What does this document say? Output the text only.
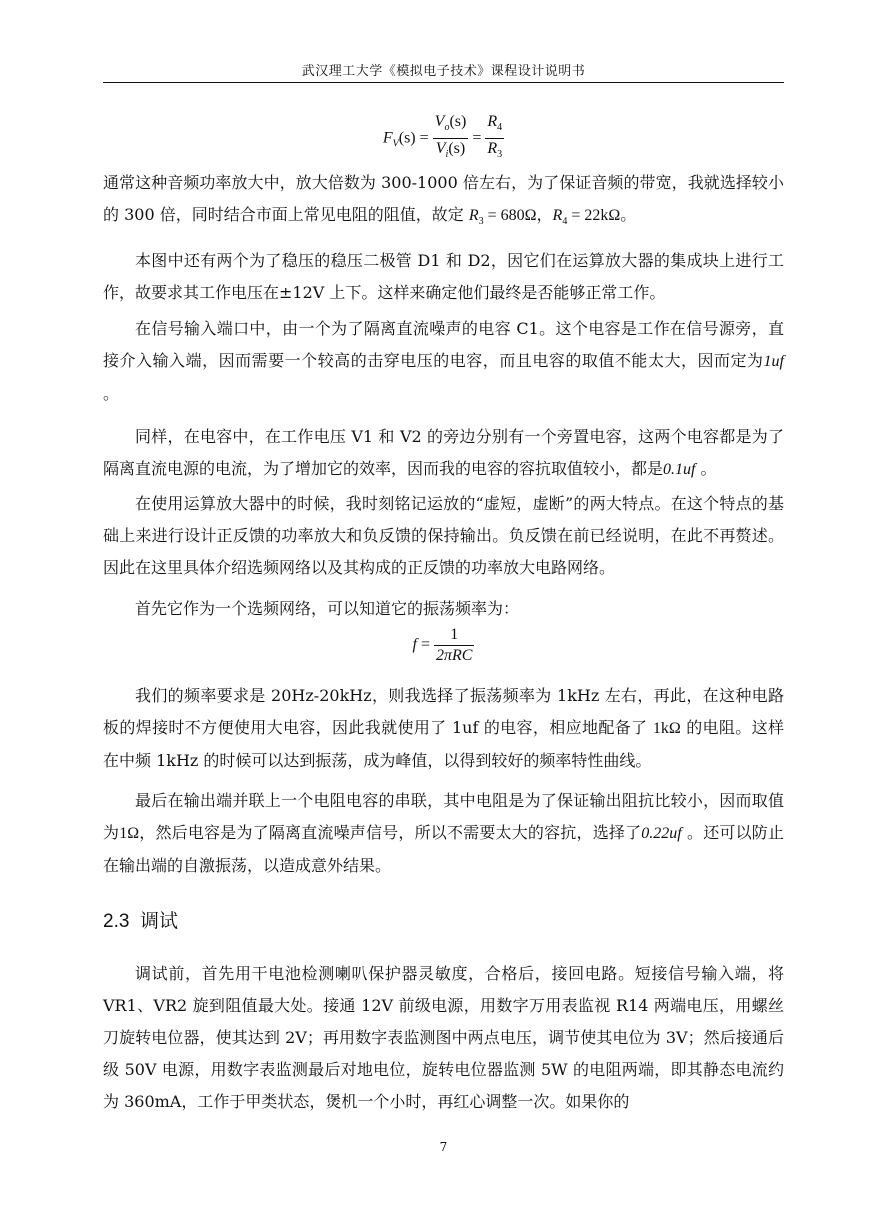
武汉理工大学《模拟电子技术》课程设计说明书
$F_V(s) = \frac{V_o(s)}{V_i(s)} = \frac{R_4}{R_3}$

通常这种音频功率放大中，放大倍数为 300-1000 倍左右，为了保证音频的带宽，我就选择较小的 300 倍，同时结合市面上常见电阻的阻值，故定 $R_3 = 680\Omega$，$R_4 = 22k\Omega$。

本图中还有两个为了稳压的稳压二极管 D1 和 D2，因它们在运算放大器的集成块上进行工作，故要求其工作电压在±12V 上下。这样来确定他们最终是否能够正常工作。

在信号输入端口中，由一个为了隔离直流噪声的电容 C1。这个电容是工作在信号源旁，直接介入输入端，因而需要一个较高的击穿电压的电容，而且电容的取值不能太大，因而定为1uf 。

同样，在电容中，在工作电压 V1 和 V2 的旁边分别有一个旁置电容，这两个电容都是为了隔离直流电源的电流，为了增加它的效率，因而我的电容的容抗取值较小，都是0.1uf 。

在使用运算放大器中的时候，我时刻铭记运放的“虚短，虚断”的两大特点。在这个特点的基础上来进行设计正反馈的功率放大和负反馈的保持输出。负反馈在前已经说明，在此不再赘述。因此在这里具体介绍选频网络以及其构成的正反馈的功率放大电路网络。

首先它作为一个选频网络，可以知道它的振荡频率为：

$f = \frac{1}{\text{2πRC}}$

我们的频率要求是 20Hz-20kHz，则我选择了振荡频率为 1kHz 左右，再此，在这种电路板的焊接时不方便使用大电容，因此我就使用了 1uf 的电容，相应地配备了 1kΩ 的电阻。这样在中频 1kHz 的时候可以达到振荡，成为峰值，以得到较好的频率特性曲线。

最后在输出端并联上一个电阻电容的串联，其中电阻是为了保证输出阻抗比较小，因而取值为1Ω，然后电容是为了隔离直流噪声信号，所以不需要太大的容抗，选择了0.22uf 。还可以防止在输出端的自激振荡，以造成意外结果。

2.3 调试

调试前，首先用干电池检测喇叭保护器灵敏度，合格后，接回电路。短接信号输入端，将 VR1、VR2 旋到阻值最大处。接通 12V 前级电源，用数字万用表监视 R14 两端电压，用螺丝刀旋转电位器，使其达到 2V；再用数字表监测图中两点电压，调节使其电位为 3V；然后接通后级 50V 电源，用数字表监测最后对地电位，旋转电位器监测 5W 的电阻两端，即其静态电流约为 360mA，工作于甲类状态，煲机一个小时，再红心调整一次。如果你的

7
